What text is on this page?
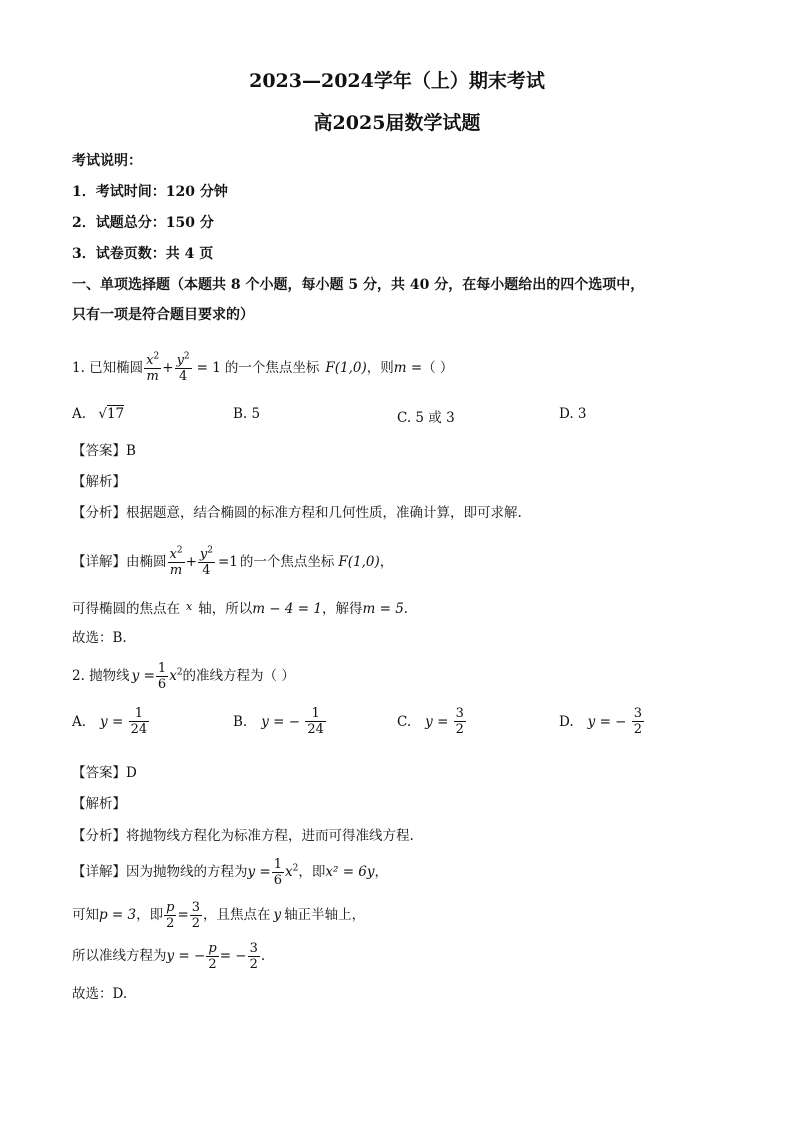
2023—2024学年（上）期末考试
高2025届数学试题
考试说明：
1．考试时间：120 分钟
2．试题总分：150 分
3．试卷页数：共 4 页
一、单项选择题（本题共 8 个小题，每小题 5 分，共 40 分，在每小题给出的四个选项中，
只有一项是符合题目要求的）
1. 已知椭圆 $\frac{x^2}{m} + \frac{y^2}{4} = 1$ 的一个焦点坐标 F(1,0) ，则 m = （ ）
A. √17	B. 5	C. 5 或 3	D. 3
【答案】B
【解析】
【分析】根据题意，结合椭圆的标准方程和几何性质，准确计算，即可求解.
【详解】 由椭圆 $\frac{x^2}{m} + \frac{y^2}{4} =1$ 的一个焦点坐标 F(1,0) ，
可得椭圆的焦点在 $^x$ 轴，所以m − 4 = 1，解得m = 5.
故选：B.
2. 抛物线 $y = \frac{1}{6} x^2$ 的准线方程为（ ）
A. $y = \frac{1}{24}$	B. y = − $\frac{1}{24}$	C. $y = \frac{3}{2}$	D. y = − $\frac{3}{2}$
【答案】D
【解析】
【分析】将抛物线方程化为标准方程，进而可得准线方程.
【详解】 因为抛物线的方程为 $y = \frac{1}{6} x^2$ ，即 x² = 6y ，
可知 p = 3 ，即 $\frac{p}{2} = \frac{3}{2}$ ，且焦点在 y 轴正半轴上，
所以准线方程为 y = − $\frac{p}{2}$ = − $\frac{3}{2}$ .
故选：D.
